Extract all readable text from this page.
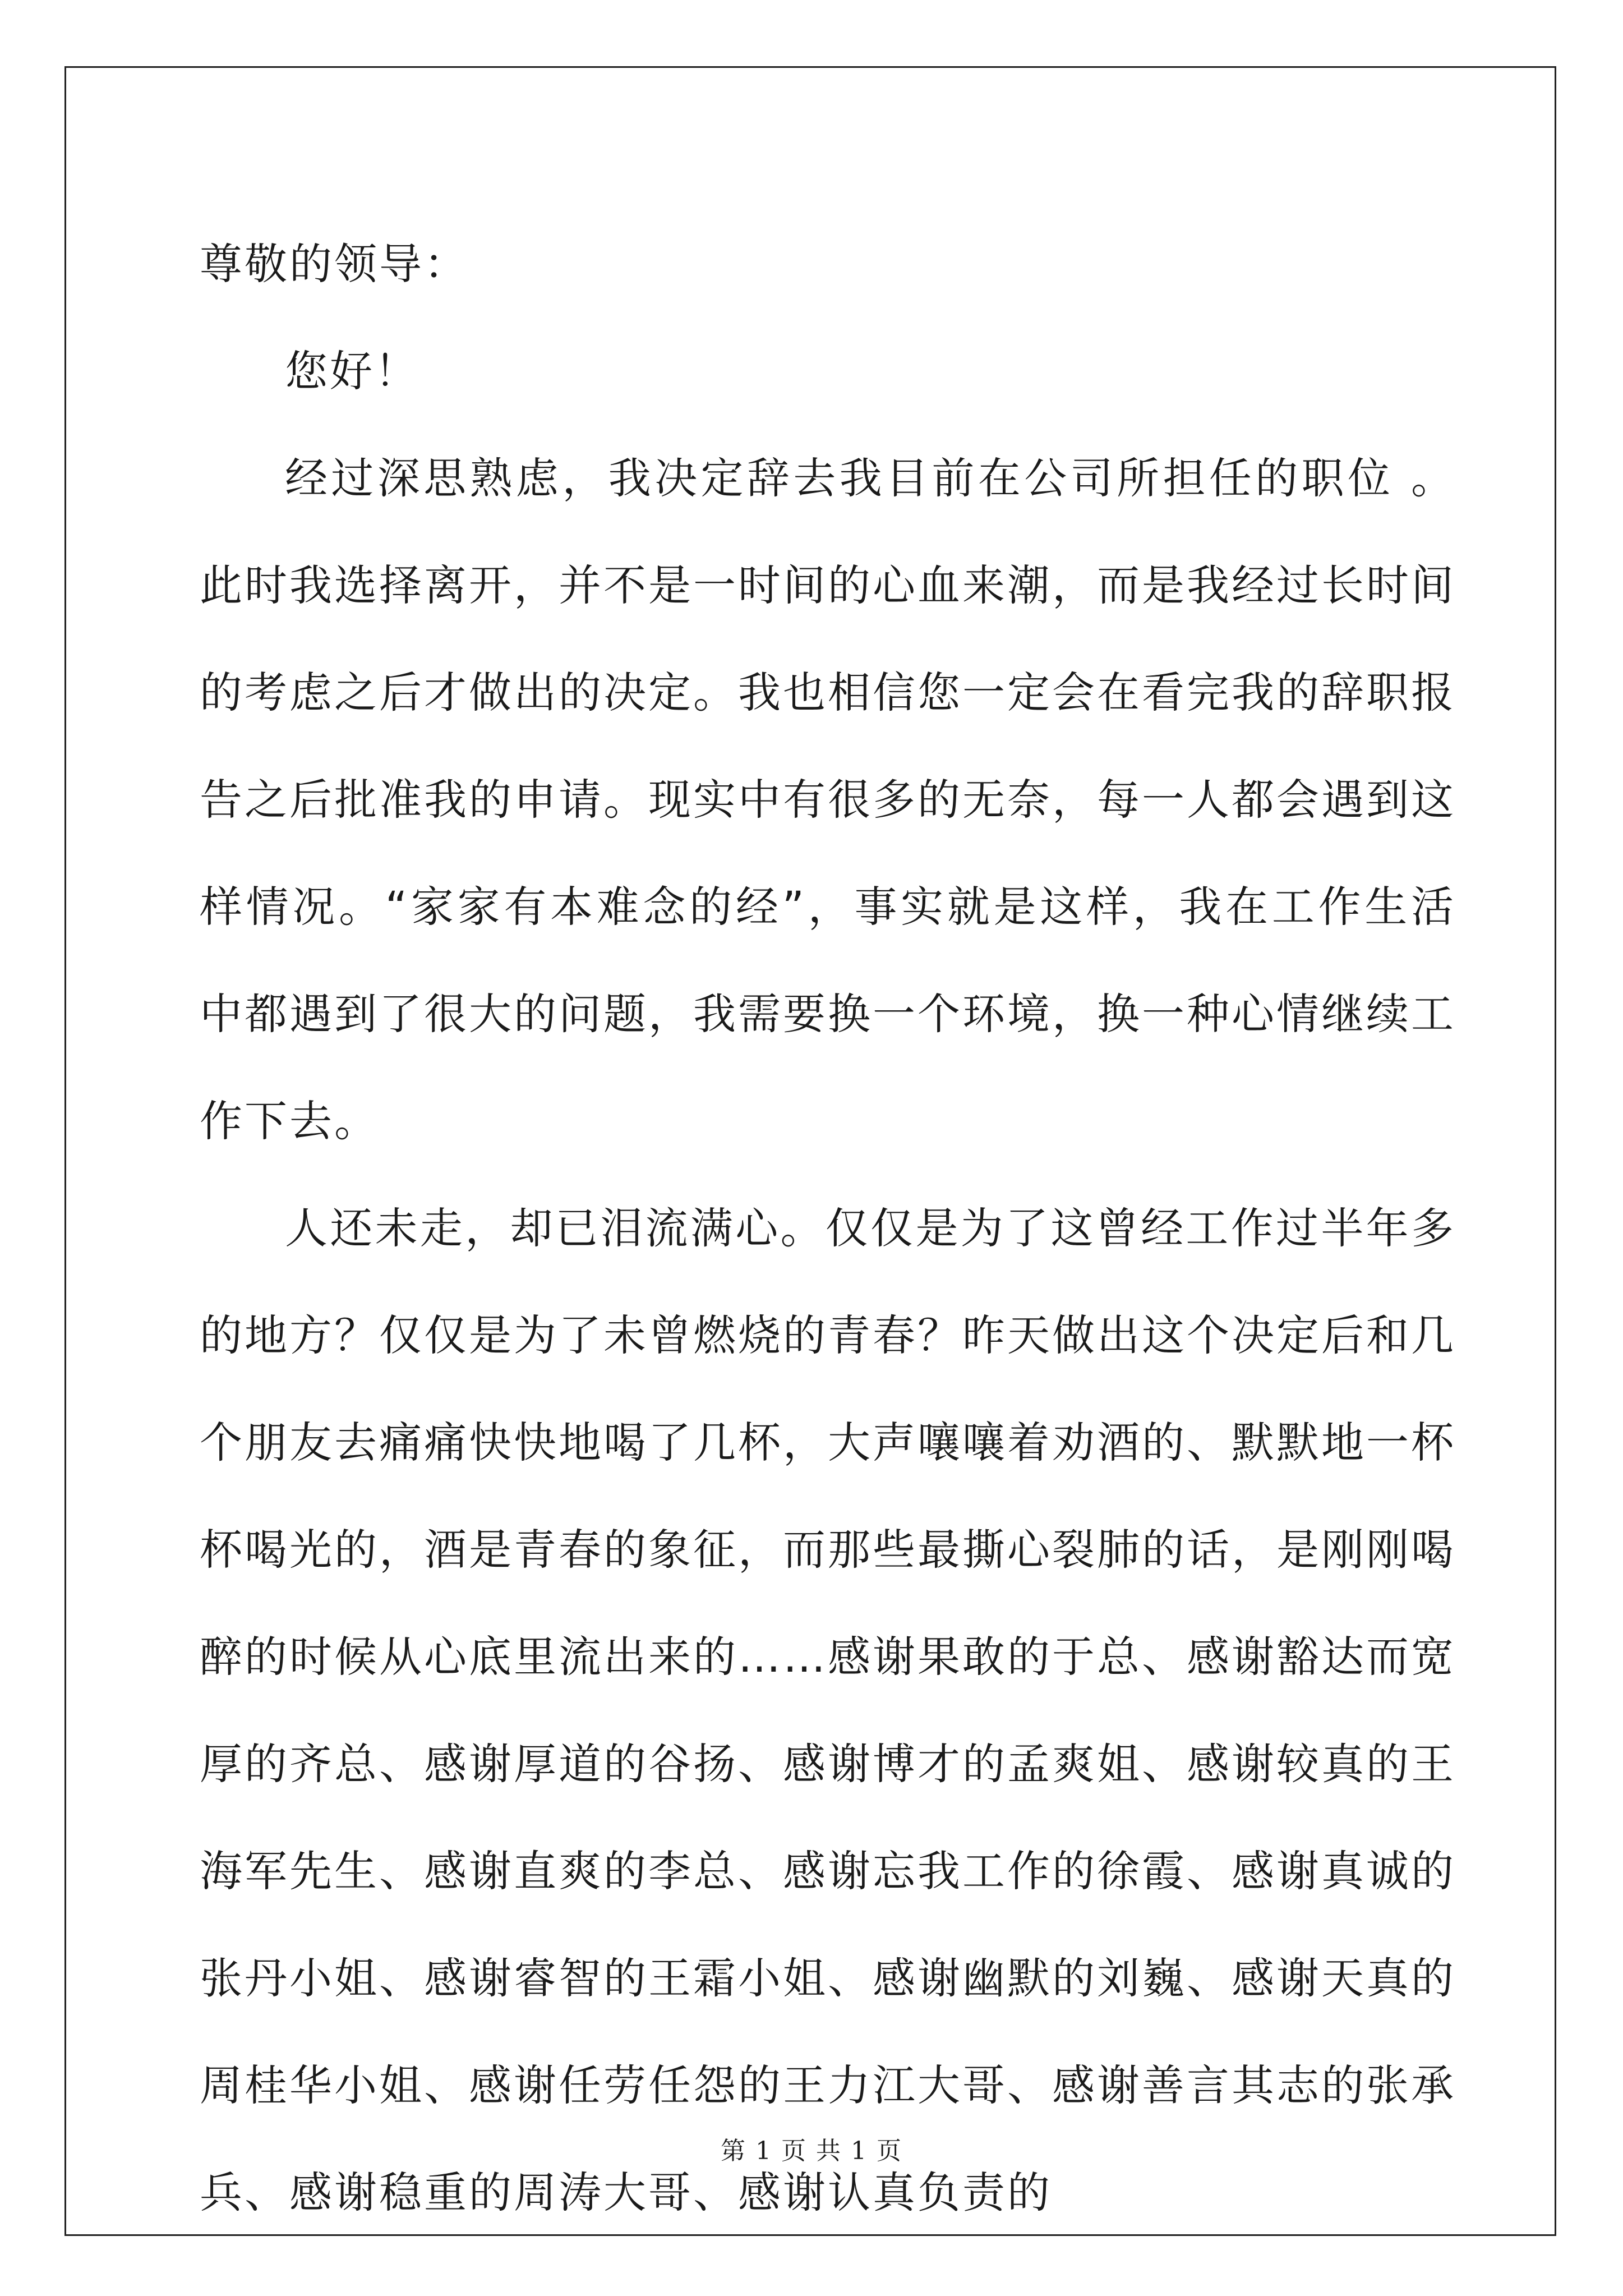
尊敬的领导：

您好！

经过深思熟虑，我决定辞去我目前在公司所担任的职位 。此时我选择离开，并不是一时间的心血来潮，而是我经过长时间的考虑之后才做出的决定。我也相信您一定会在看完我的辞职报告之后批准我的申请。现实中有很多的无奈，每一人都会遇到这样情况。“家家有本难念的经”，事实就是这样，我在工作生活中都遇到了很大的问题，我需要换一个环境，换一种心情继续工作下去。

人还未走，却已泪流满心。仅仅是为了这曾经工作过半年多的地方？仅仅是为了未曾燃烧的青春？昨天做出这个决定后和几个朋友去痛痛快快地喝了几杯，大声嚷嚷着劝酒的、默默地一杯杯喝光的，酒是青春的象征，而那些最撕心裂肺的话，是刚刚喝醉的时候从心底里流出来的……感谢果敢的于总、感谢豁达而宽厚的齐总、感谢厚道的谷扬、感谢博才的孟爽姐、感谢较真的王海军先生、感谢直爽的李总、感谢忘我工作的徐霞、感谢真诚的张丹小姐、感谢睿智的王霜小姐、感谢幽默的刘巍、感谢天真的周桂华小姐、感谢任劳任怨的王力江大哥、感谢善言其志的张承兵、感谢稳重的周涛大哥、感谢认真负责的

第 1 页 共 1 页
